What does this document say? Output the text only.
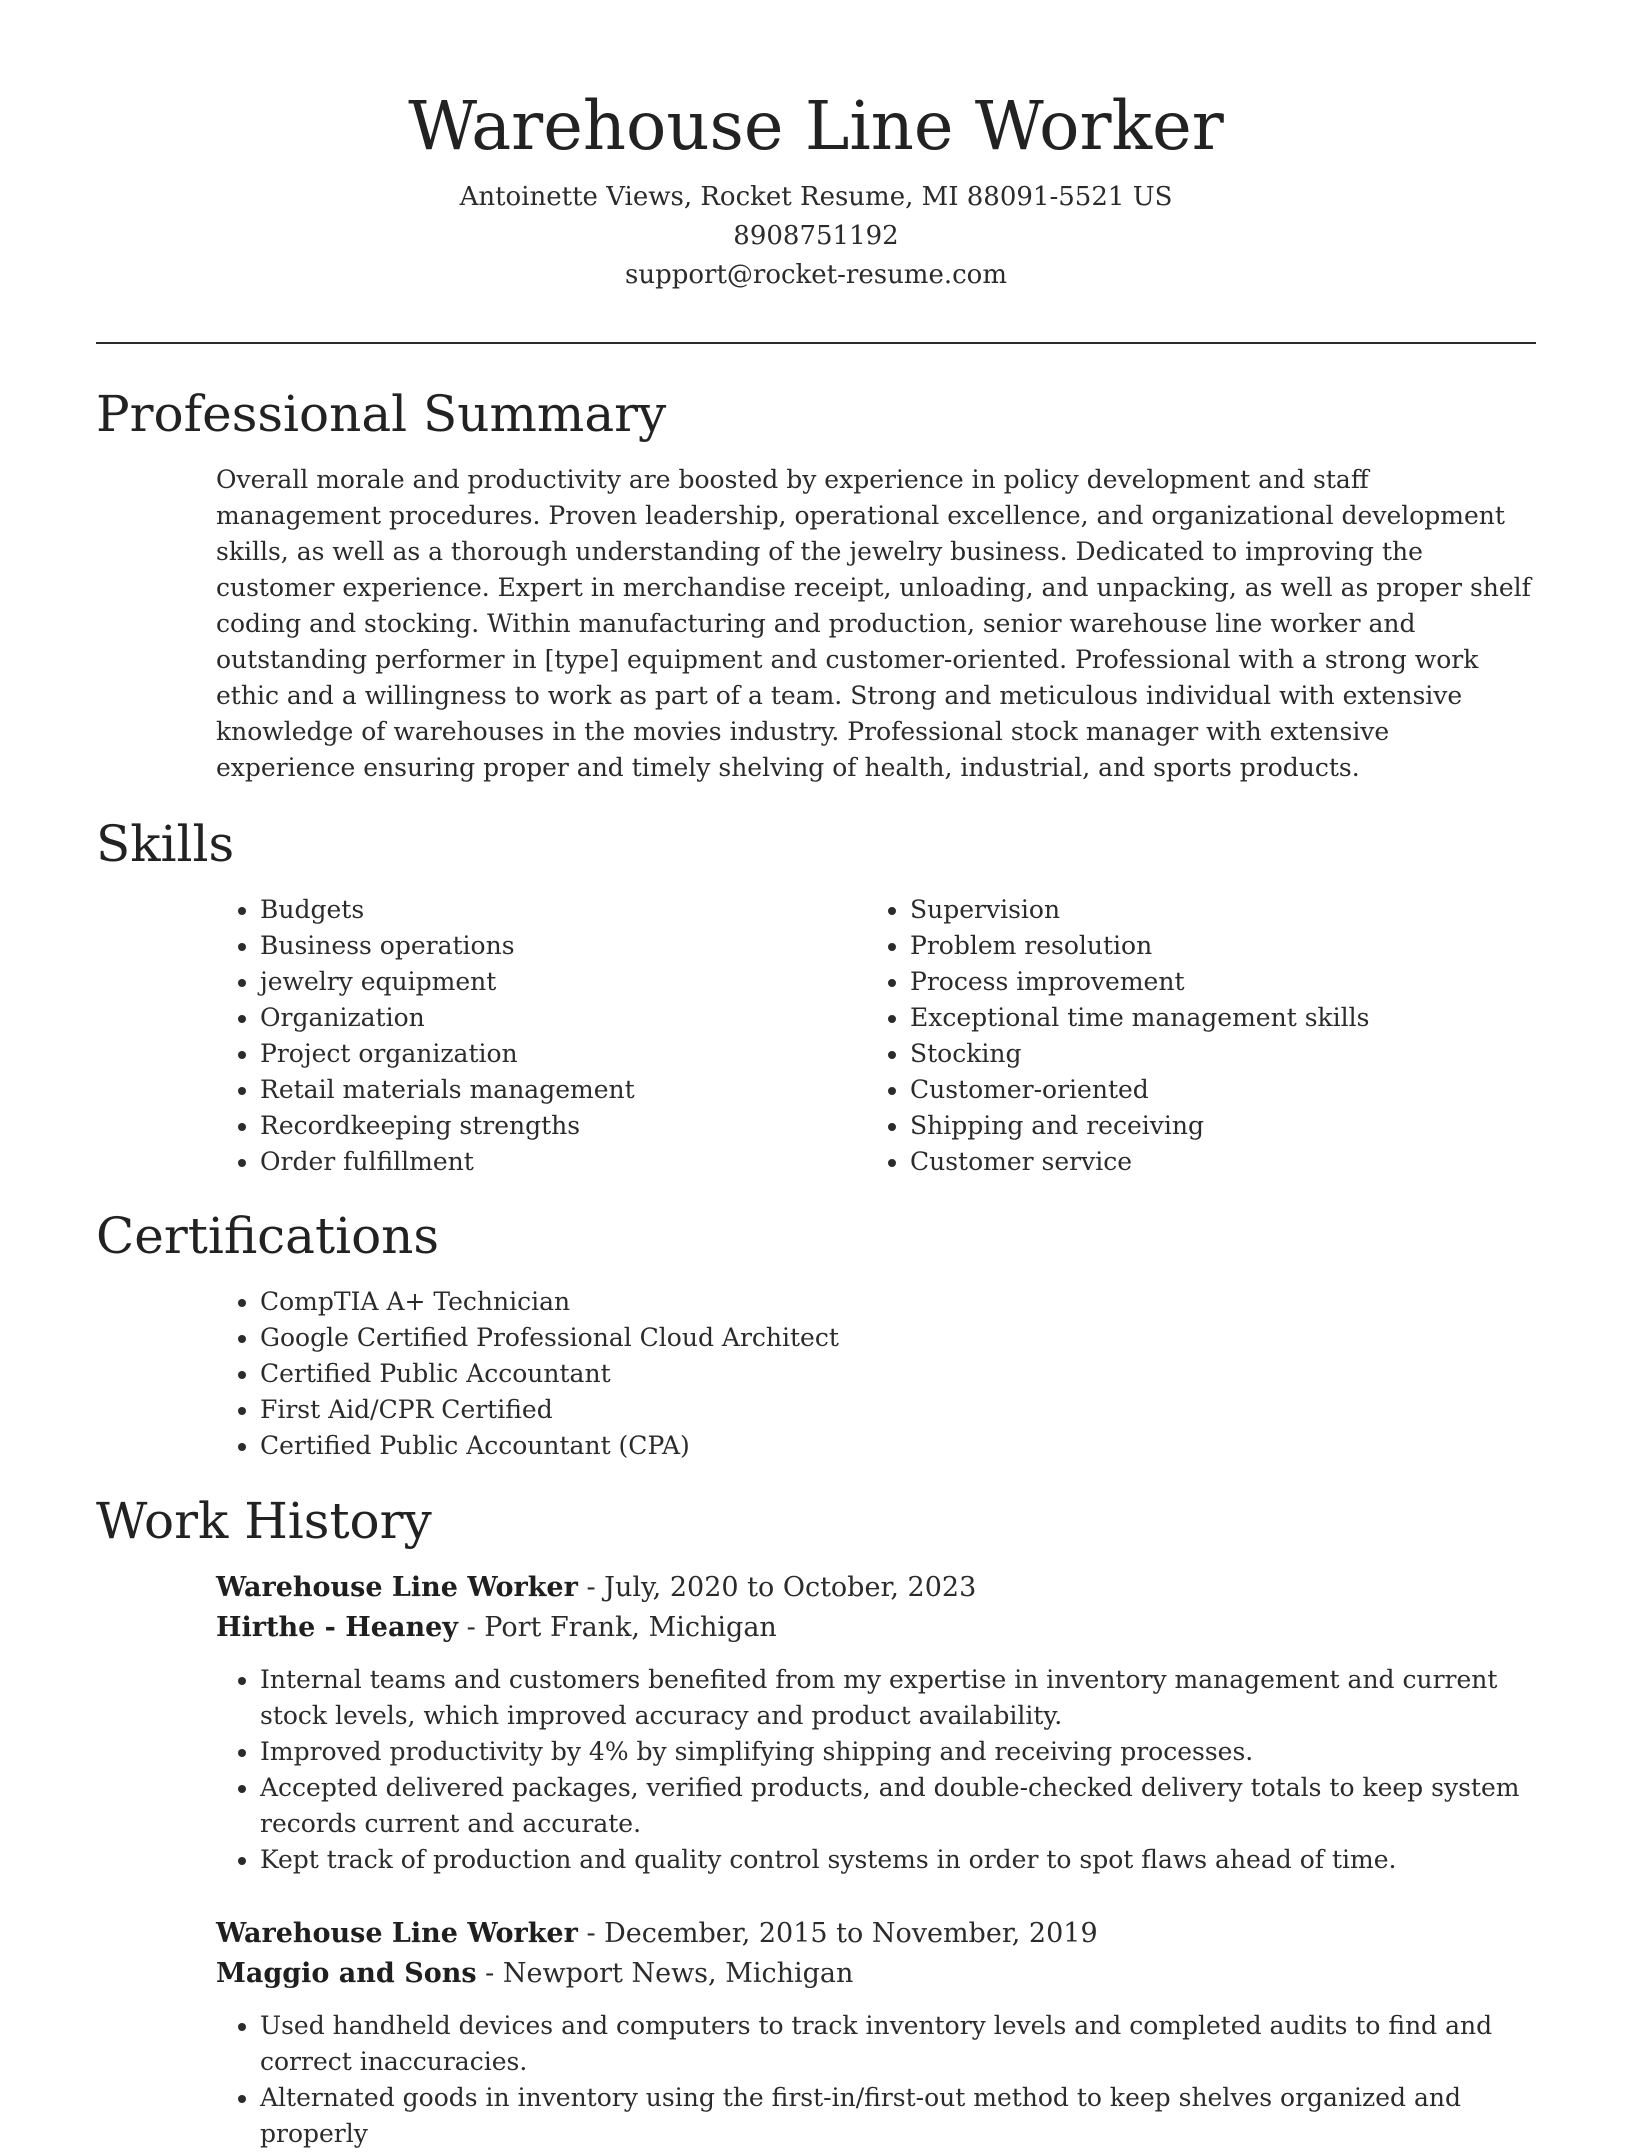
Warehouse Line Worker
Antoinette Views, Rocket Resume, MI 88091-5521 US
8908751192
support@rocket-resume.com
Professional Summary

Overall morale and productivity are boosted by experience in policy development and staff management procedures. Proven leadership, operational excellence, and organizational development skills, as well as a thorough understanding of the jewelry business. Dedicated to improving the customer experience. Expert in merchandise receipt, unloading, and unpacking, as well as proper shelf coding and stocking. Within manufacturing and production, senior warehouse line worker and outstanding performer in [type] equipment and customer-oriented. Professional with a strong work ethic and a willingness to work as part of a team. Strong and meticulous individual with extensive knowledge of warehouses in the movies industry. Professional stock manager with extensive experience ensuring proper and timely shelving of health, industrial, and sports products.

Skills
• Budgets
• Business operations
• jewelry equipment
• Organization
• Project organization
• Retail materials management
• Recordkeeping strengths
• Order fulfillment
• Supervision
• Problem resolution
• Process improvement
• Exceptional time management skills
• Stocking
• Customer-oriented
• Shipping and receiving
• Customer service
Certifications
• CompTIA A+ Technician
• Google Certified Professional Cloud Architect
• Certified Public Accountant
• First Aid/CPR Certified
• Certified Public Accountant (CPA)
Work History
Warehouse Line Worker - July, 2020 to October, 2023
Hirthe - Heaney - Port Frank, Michigan
• Internal teams and customers benefited from my expertise in inventory management and current stock levels, which improved accuracy and product availability.
• Improved productivity by 4% by simplifying shipping and receiving processes.
• Accepted delivered packages, verified products, and double-checked delivery totals to keep system records current and accurate.
• Kept track of production and quality control systems in order to spot flaws ahead of time.
Warehouse Line Worker - December, 2015 to November, 2019
Maggio and Sons - Newport News, Michigan
• Used handheld devices and computers to track inventory levels and completed audits to find and correct inaccuracies.
• Alternated goods in inventory using the first-in/first-out method to keep shelves organized and properly
